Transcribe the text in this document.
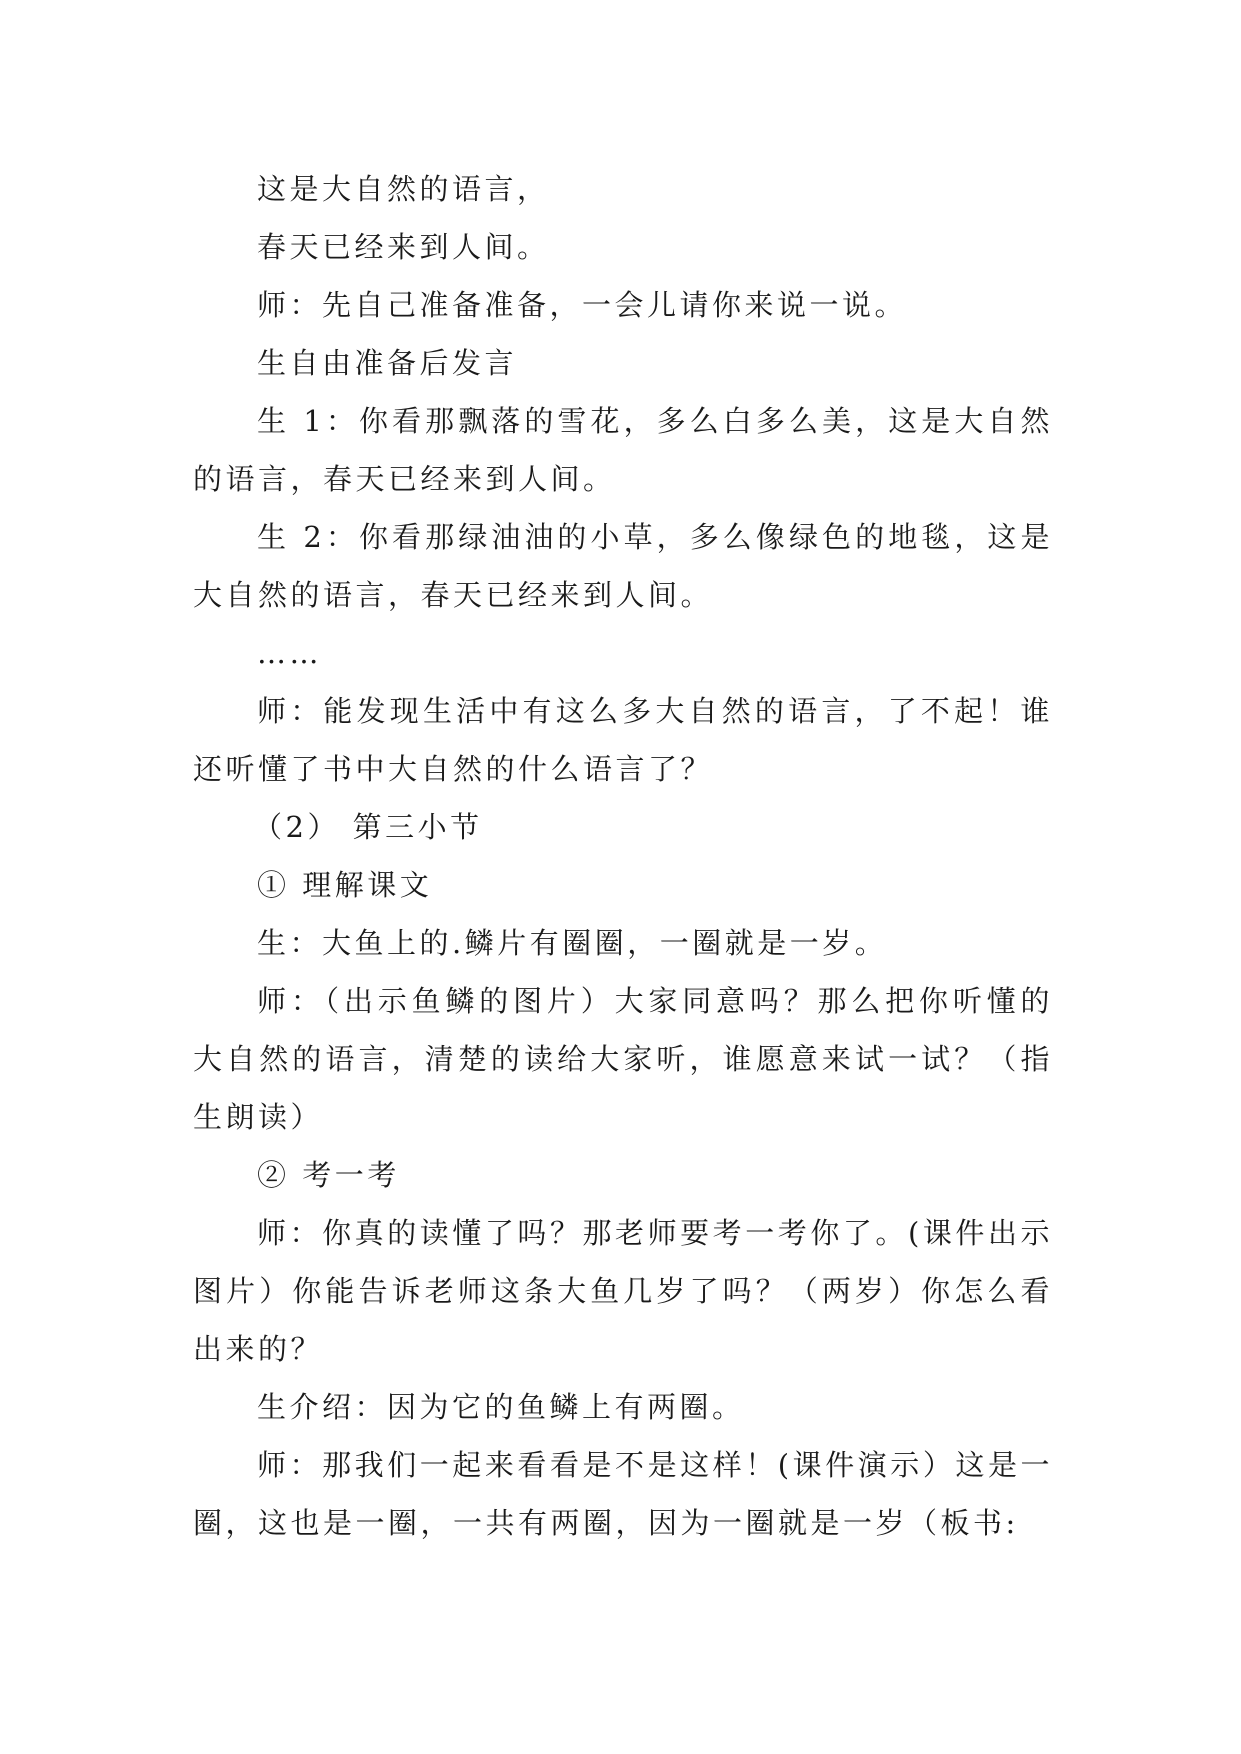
这是大自然的语言，

春天已经来到人间。

师：先自己准备准备，一会儿请你来说一说。

生自由准备后发言

生 1：你看那飘落的雪花，多么白多么美，这是大自然的语言，春天已经来到人间。

生 2：你看那绿油油的小草，多么像绿色的地毯，这是大自然的语言，春天已经来到人间。

……

师：能发现生活中有这么多大自然的语言，了不起！谁还听懂了书中大自然的什么语言了？

（2） 第三小节

① 理解课文

生：大鱼上的.鳞片有圈圈，一圈就是一岁。

师：（出示鱼鳞的图片）大家同意吗？那么把你听懂的大自然的语言，清楚的读给大家听，谁愿意来试一试？（指生朗读）

② 考一考

师：你真的读懂了吗？那老师要考一考你了。(课件出示图片）你能告诉老师这条大鱼几岁了吗？（两岁）你怎么看出来的？

生介绍：因为它的鱼鳞上有两圈。

师：那我们一起来看看是不是这样！(课件演示）这是一圈，这也是一圈，一共有两圈，因为一圈就是一岁（板书:
